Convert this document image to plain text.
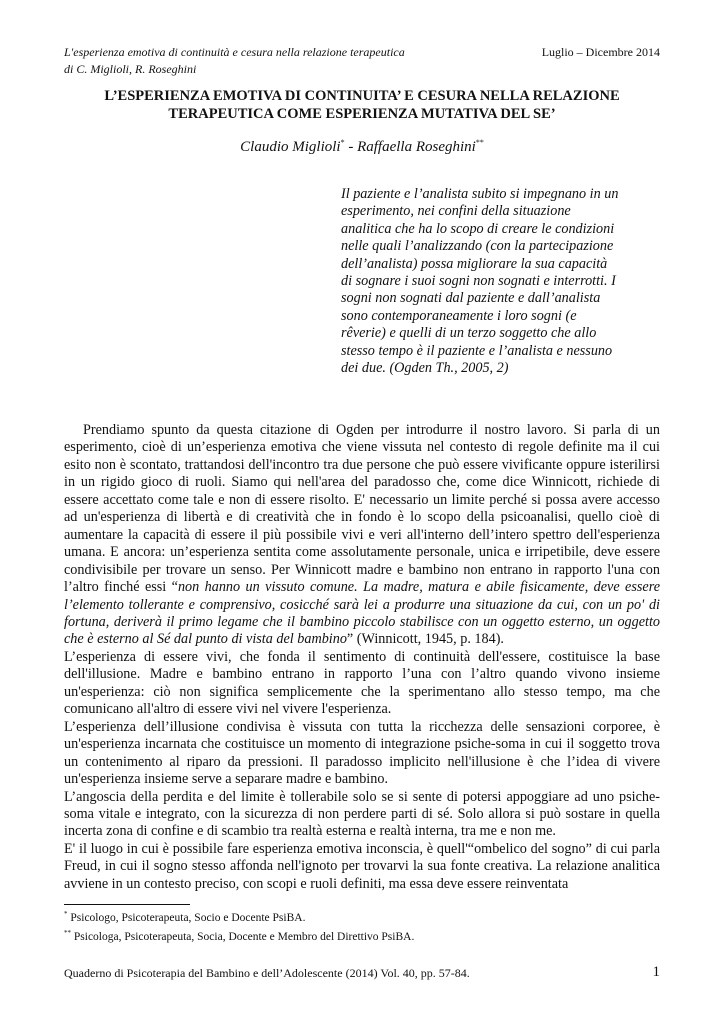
L'esperienza emotiva di continuità e cesura nella relazione terapeutica
di C. Miglioli, R. Roseghini
Luglio – Dicembre 2014
L’ESPERIENZA EMOTIVA DI CONTINUITA’ E CESURA NELLA RELAZIONE
TERAPEUTICA COME ESPERIENZA MUTATIVA DEL SE’
Claudio Miglioli* - Raffaella Roseghini**
Il paziente e l’analista subito si impegnano in un esperimento, nei confini della situazione analitica che ha lo scopo di creare le condizioni nelle quali l’analizzando (con la partecipazione dell’analista) possa migliorare la sua capacità di sognare i suoi sogni non sognati e interrotti. I sogni non sognati dal paziente e dall’analista sono contemporaneamente i loro sogni (e rêverie) e quelli di un terzo soggetto che allo stesso tempo è il paziente e l’analista e nessuno dei due. (Ogden Th., 2005, 2)

Prendiamo spunto da questa citazione di Ogden per introdurre il nostro lavoro. Si parla di un esperimento, cioè di un’esperienza emotiva che viene vissuta nel contesto di regole definite ma il cui esito non è scontato, trattandosi dell'incontro tra due persone che può essere vivificante oppure isterilirsi in un rigido gioco di ruoli. Siamo qui nell'area del paradosso che, come dice Winnicott, richiede di essere accettato come tale e non di essere risolto. E' necessario un limite perché si possa avere accesso ad un'esperienza di libertà e di creatività che in fondo è lo scopo della psicoanalisi, quello cioè di aumentare la capacità di essere il più possibile vivi e veri all'interno dell’intero spettro dell'esperienza umana. E ancora: un’esperienza sentita come assolutamente personale, unica e irripetibile, deve essere condivisibile per trovare un senso. Per Winnicott madre e bambino non entrano in rapporto l'una con l’altro finché essi “non hanno un vissuto comune. La madre, matura e abile fisicamente, deve essere l’elemento tollerante e comprensivo, cosicché sarà lei a produrre una situazione da cui, con un po' di fortuna, deriverà il primo legame che il bambino piccolo stabilisce con un oggetto esterno, un oggetto che è esterno al Sé dal punto di vista del bambino” (Winnicott, 1945, p. 184).

L’esperienza di essere vivi, che fonda il sentimento di continuità dell'essere, costituisce la base dell'illusione. Madre e bambino entrano in rapporto l’una con l’altro quando vivono insieme un'esperienza: ciò non significa semplicemente che la sperimentano allo stesso tempo, ma che comunicano all'altro di essere vivi nel vivere l'esperienza.

L’esperienza dell’illusione condivisa è vissuta con tutta la ricchezza delle sensazioni corporee, è un'esperienza incarnata che costituisce un momento di integrazione psiche-soma in cui il soggetto trova un contenimento al riparo da pressioni. Il paradosso implicito nell'illusione è che l’idea di vivere un'esperienza insieme serve a separare madre e bambino.

L’angoscia della perdita e del limite è tollerabile solo se si sente di potersi appoggiare ad uno psiche-soma vitale e integrato, con la sicurezza di non perdere parti di sé. Solo allora si può sostare in quella incerta zona di confine e di scambio tra realtà esterna e realtà interna, tra me e non me.

E' il luogo in cui è possibile fare esperienza emotiva inconscia, è quell'“ombelico del sogno” di cui parla Freud, in cui il sogno stesso affonda nell'ignoto per trovarvi la sua fonte creativa. La relazione analitica avviene in un contesto preciso, con scopi e ruoli definiti, ma essa deve essere reinventata

* Psicologo, Psicoterapeuta, Socio e Docente PsiBA.
** Psicologa, Psicoterapeuta, Socia, Docente e Membro del Direttivo PsiBA.
Quaderno di Psicoterapia del Bambino e dell’Adolescente (2014) Vol. 40, pp. 57-84.	1
